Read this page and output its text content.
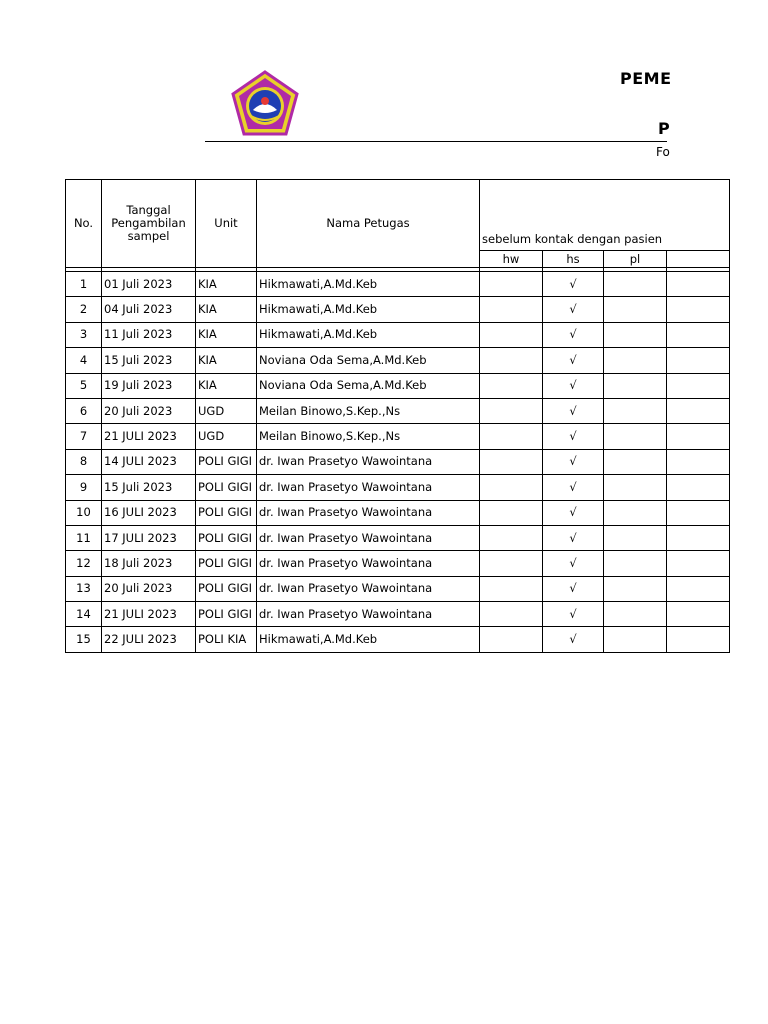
PEME
P
Fo
No.	Tanggal
Pengambilan
sampel	Unit	Nama Petugas	sebelum kontak dengan pasien			
				hw	hs	pl	

1	01 Juli 2023	KIA	Hikmawati,A.Md.Keb		√		
2	04 Juli 2023	KIA	Hikmawati,A.Md.Keb		√		
3	11 Juli 2023	KIA	Hikmawati,A.Md.Keb		√		
4	15 Juli 2023	KIA	Noviana Oda Sema,A.Md.Keb		√		
5	19 Juli 2023	KIA	Noviana Oda Sema,A.Md.Keb		√		
6	20 Juli 2023	UGD	Meilan Binowo,S.Kep.,Ns		√		
7	21 JULI 2023	UGD	Meilan Binowo,S.Kep.,Ns		√		
8	14 JULI 2023	POLI GIGI	dr. Iwan Prasetyo Wawointana		√		
9	15 Juli 2023	POLI GIGI	dr. Iwan Prasetyo Wawointana		√		
10	16 JULI 2023	POLI GIGI	dr. Iwan Prasetyo Wawointana		√		
11	17 JULI 2023	POLI GIGI	dr. Iwan Prasetyo Wawointana		√		
12	18 Juli 2023	POLI GIGI	dr. Iwan Prasetyo Wawointana		√		
13	20 Juli 2023	POLI GIGI	dr. Iwan Prasetyo Wawointana		√		
14	21 JULI 2023	POLI GIGI	dr. Iwan Prasetyo Wawointana		√		
15	22 JULI 2023	POLI KIA	Hikmawati,A.Md.Keb		√		
